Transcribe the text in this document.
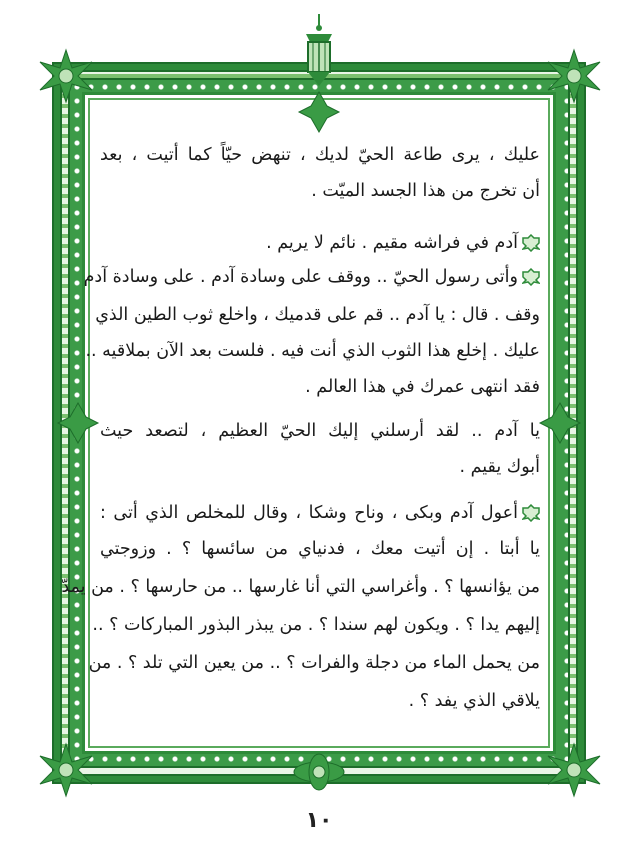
عليك ، يرى طاعة الحيّ لديك ، تنهض حيّاً كما أتيت ، بعد
أن تخرج من هذا الجسد الميّت .
آدم في فراشه مقيم . نائم لا يريم .
وأتى رسول الحيّ .. ووقف على وسادة آدم . على وسادة آدم
وقف . قال : يا آدم .. قم على قدميك ، واخلع ثوب الطين الذي
عليك . إخلع هذا الثوب الذي أنت فيه . فلست بعد الآن بملاقيه ..
فقد انتهى عمرك في هذا العالم .
يا آدم .. لقد أرسلني إليك الحيّ العظيم ، لتصعد حيث
أبوك يقيم .
أعول آدم وبكى ، وناح وشكا ، وقال للمخلص الذي أتى :
يا أبتا . إن أتيت معك ، فدنياي من سائسها ؟ . وزوجتي
من يؤانسها ؟ . وأغراسي التي أنا غارسها .. من حارسها ؟ . من يمدّ
إليهم يدا ؟ . ويكون لهم سندا ؟ . من يبذر البذور المباركات ؟ ..
من يحمل الماء من دجلة والفرات ؟ .. من يعين التي تلد ؟ . من
يلاقي الذي يفد ؟ .
١٠
